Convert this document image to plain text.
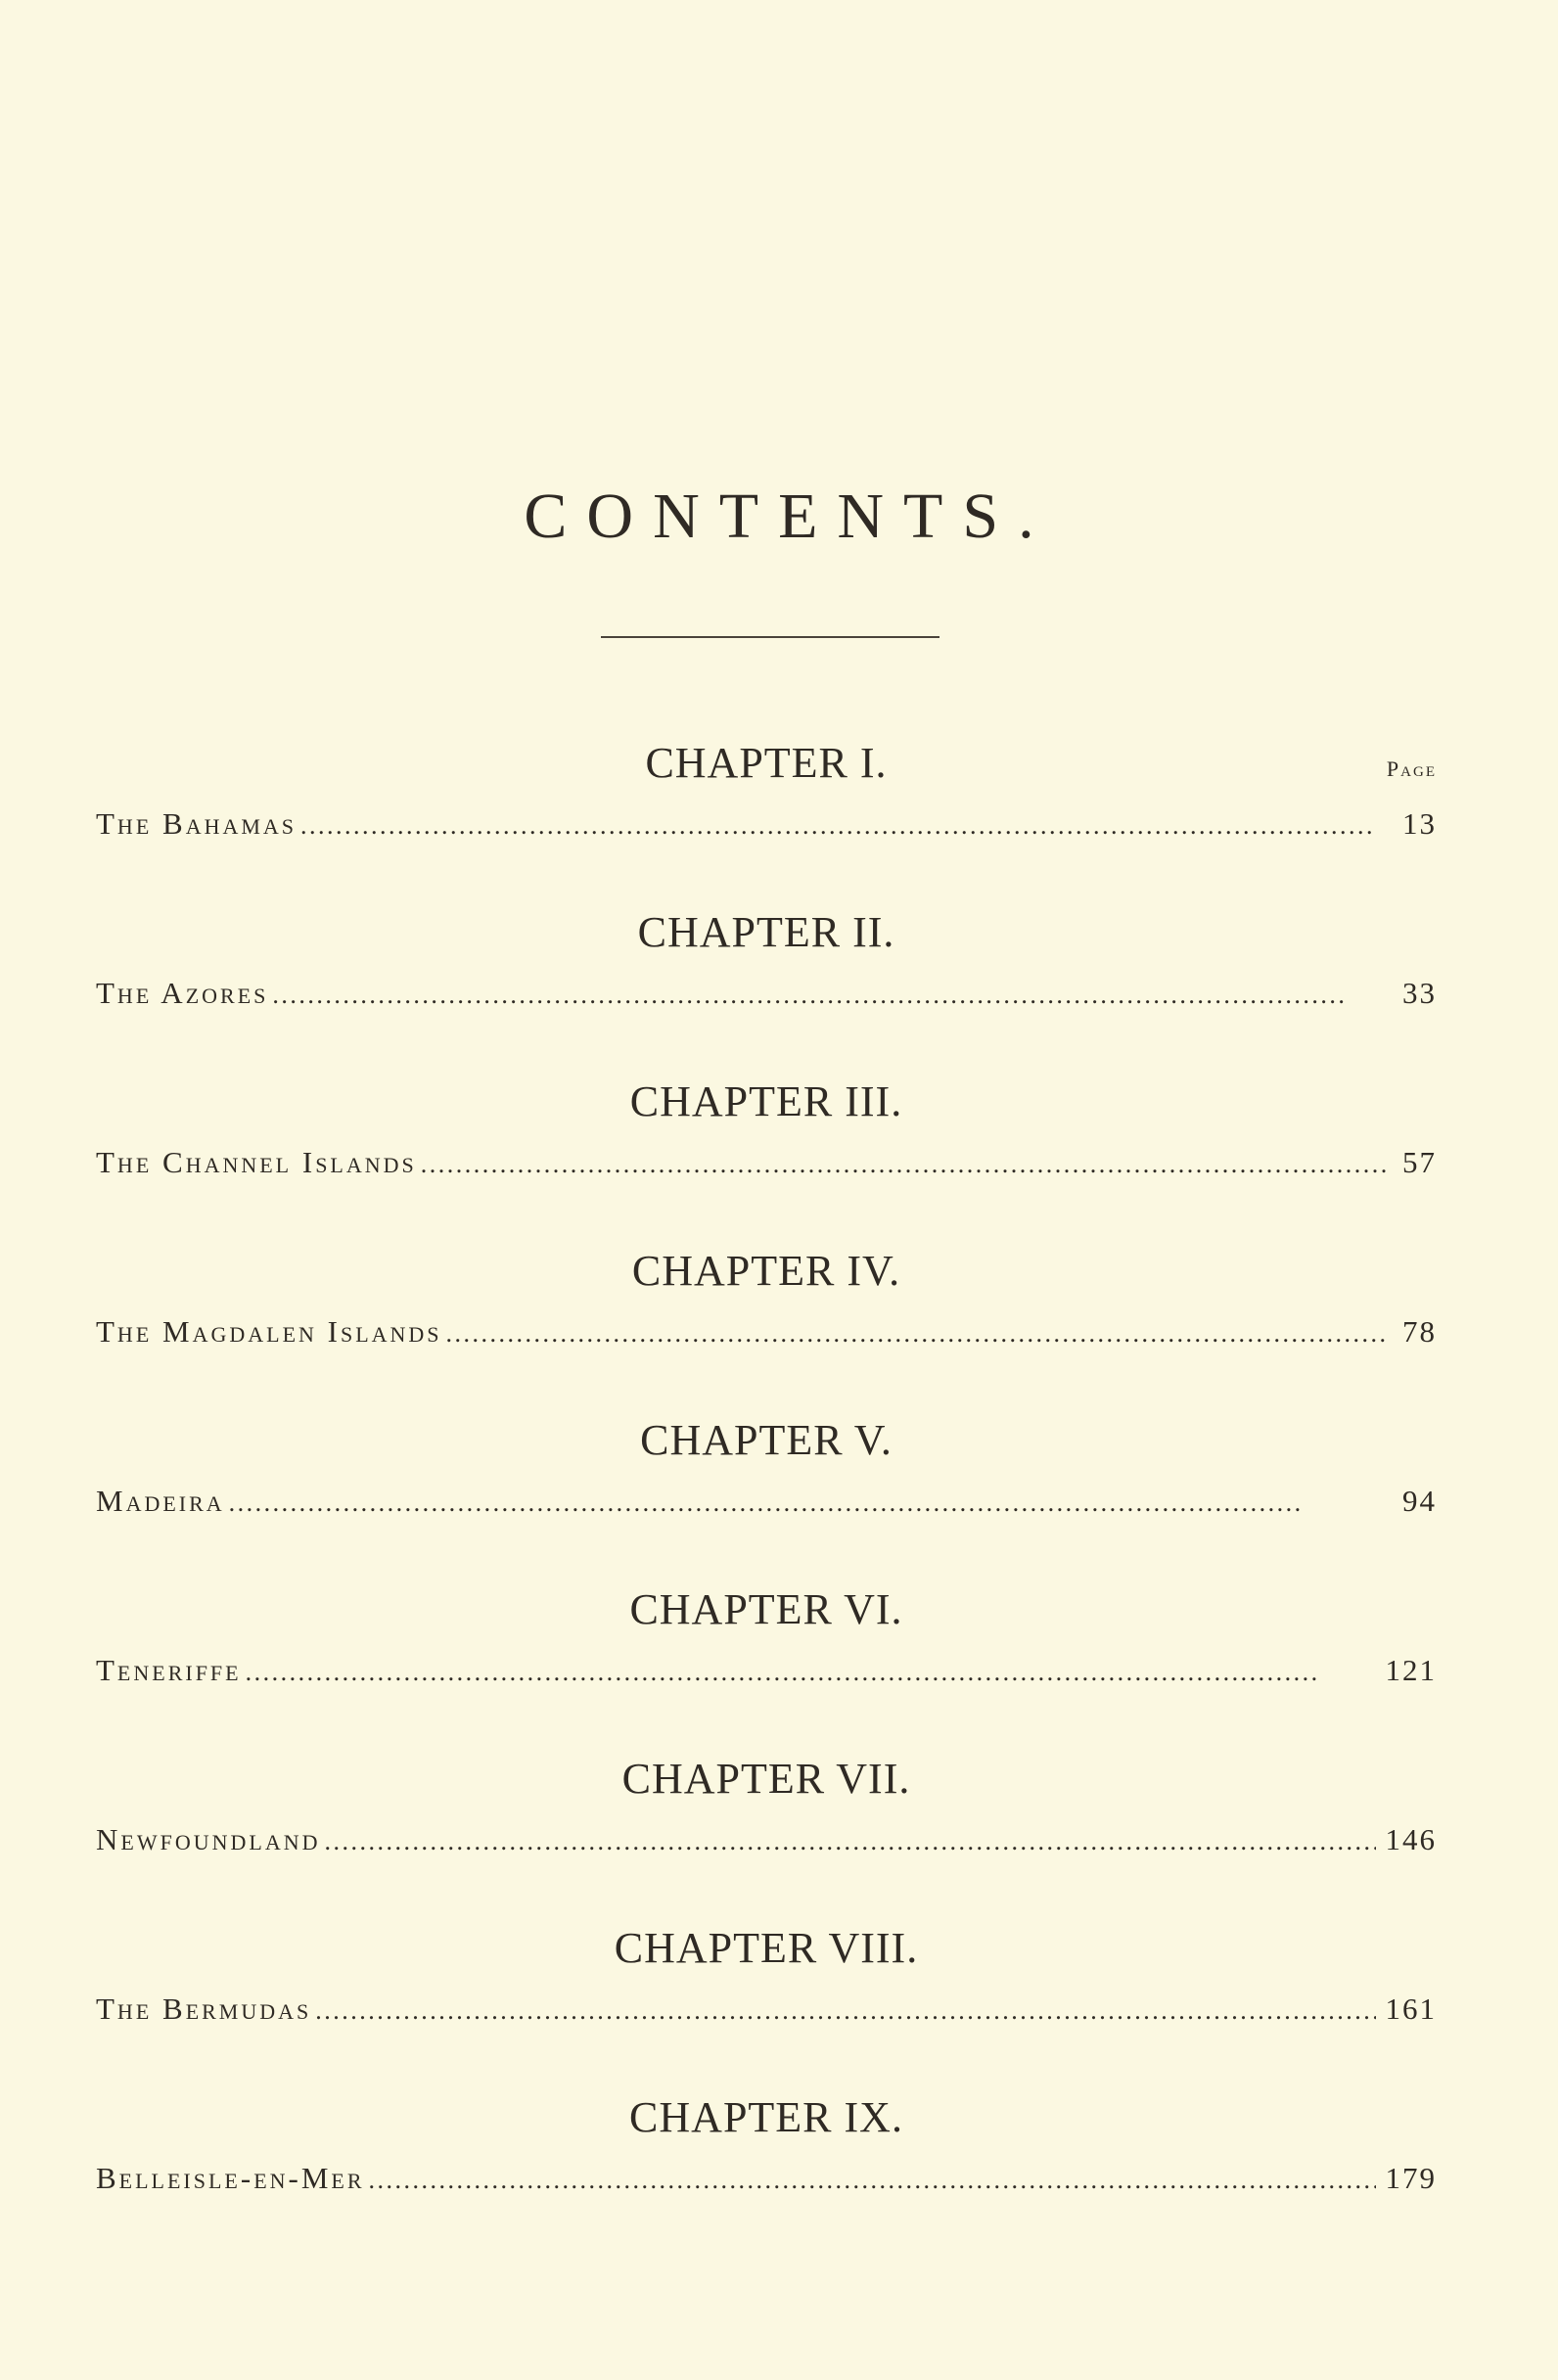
CONTENTS.
Page
CHAPTER I.
The Bahamas . . .	13
CHAPTER II.
The Azores . . .	33
CHAPTER III.
The Channel Islands . . .	57
CHAPTER IV.
The Magdalen Islands . . .	78
CHAPTER V.
Madeira . . .	94
CHAPTER VI.
Teneriffe . . .	121
CHAPTER VII.
Newfoundland . . .	146
CHAPTER VIII.
The Bermudas . . .	161
CHAPTER IX.
Belleisle-en-Mer . . .	179
